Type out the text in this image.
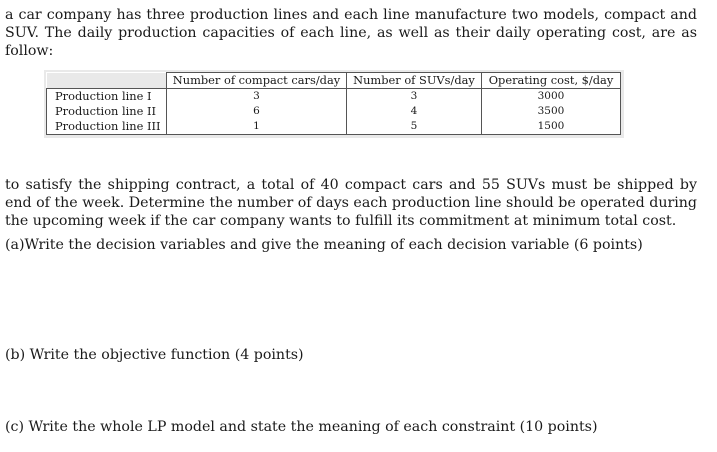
a car company has three production lines and each line manufacture two models, compact and SUV. The daily production capacities of each line, as well as their daily operating cost, are as follow:

	Number of compact cars/day	Number of SUVs/day	Operating cost, $/day
Production line I	3	3	3000
Production line II	6	4	3500
Production line III	1	5	1500

to satisfy the shipping contract, a total of 40 compact cars and 55 SUVs must be shipped by end of the week. Determine the number of days each production line should be operated during the upcoming week if the car company wants to fulfill its commitment at minimum total cost.

(a)Write the decision variables and give the meaning of each decision variable (6 points)

(b) Write the objective function (4 points)

(c) Write the whole LP model and state the meaning of each constraint (10 points)
